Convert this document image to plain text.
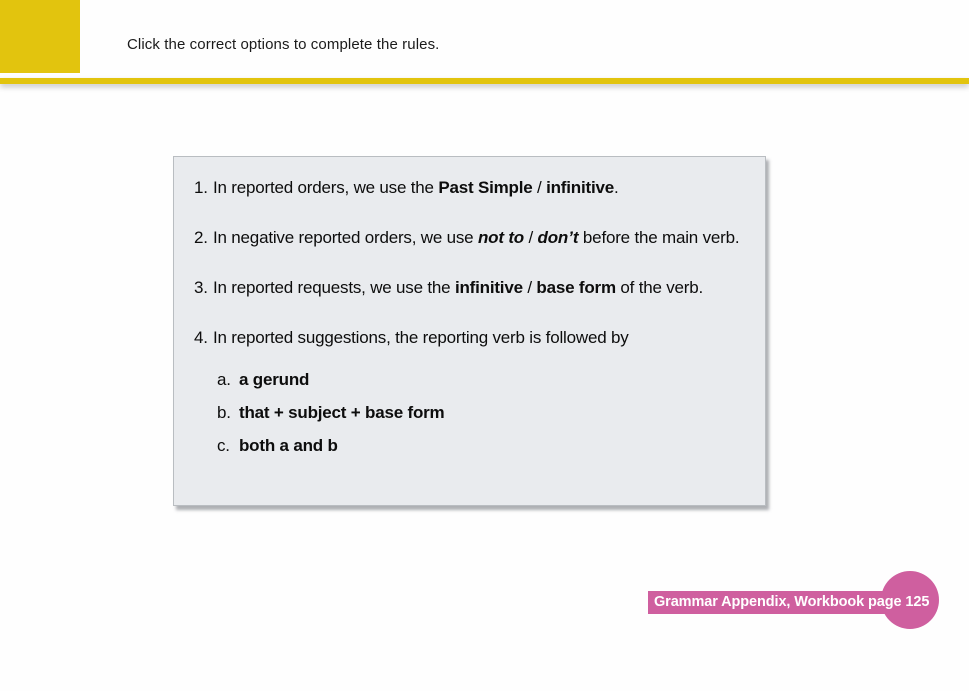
Click the correct options to complete the rules.
1. In reported orders, we use the Past Simple / infinitive.
2. In negative reported orders, we use not to / don’t before the main verb.
3. In reported requests, we use the infinitive / base form of the verb.
4. In reported suggestions, the reporting verb is followed by
a. a gerund
b. that + subject + base form
c. both a and b
Grammar Appendix, Workbook page 125
